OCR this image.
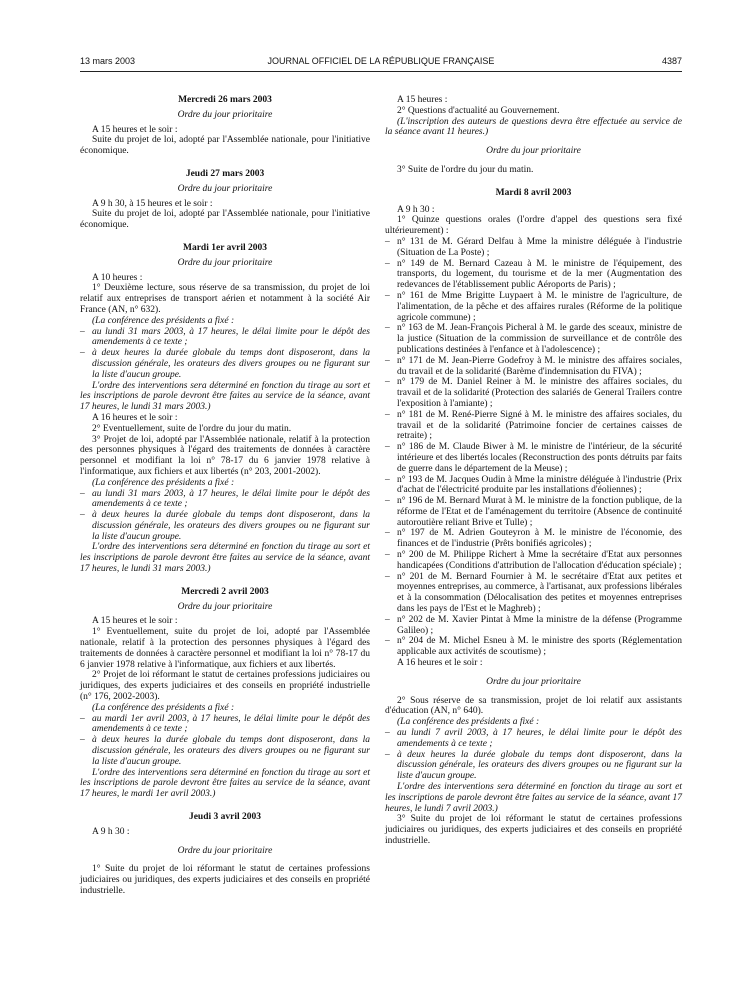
13 mars 2003	JOURNAL OFFICIEL DE LA RÉPUBLIQUE FRANÇAISE	4387

Mercredi 26 mars 2003

Ordre du jour prioritaire

A 15 heures et le soir :

Suite du projet de loi, adopté par l'Assemblée nationale, pour l'initiative économique.

Jeudi 27 mars 2003

Ordre du jour prioritaire

A 9 h 30, à 15 heures et le soir :

Suite du projet de loi, adopté par l'Assemblée nationale, pour l'initiative économique.

Mardi 1er avril 2003

Ordre du jour prioritaire

A 10 heures :

1° Deuxième lecture, sous réserve de sa transmission, du projet de loi relatif aux entreprises de transport aérien et notamment à la société Air France (AN, n° 632).

(La conférence des présidents a fixé :

– au lundi 31 mars 2003, à 17 heures, le délai limite pour le dépôt des amendements à ce texte ;
– à deux heures la durée globale du temps dont disposeront, dans la discussion générale, les orateurs des divers groupes ou ne figurant sur la liste d'aucun groupe.

L'ordre des interventions sera déterminé en fonction du tirage au sort et les inscriptions de parole devront être faites au service de la séance, avant 17 heures, le lundi 31 mars 2003.)

A 16 heures et le soir :

2° Eventuellement, suite de l'ordre du jour du matin.

3° Projet de loi, adopté par l'Assemblée nationale, relatif à la protection des personnes physiques à l'égard des traitements de données à caractère personnel et modifiant la loi n° 78-17 du 6 janvier 1978 relative à l'informatique, aux fichiers et aux libertés (n° 203, 2001-2002).

(La conférence des présidents a fixé :

– au lundi 31 mars 2003, à 17 heures, le délai limite pour le dépôt des amendements à ce texte ;
– à deux heures la durée globale du temps dont disposeront, dans la discussion générale, les orateurs des divers groupes ou ne figurant sur la liste d'aucun groupe.

L'ordre des interventions sera déterminé en fonction du tirage au sort et les inscriptions de parole devront être faites au service de la séance, avant 17 heures, le lundi 31 mars 2003.)

Mercredi 2 avril 2003

Ordre du jour prioritaire

A 15 heures et le soir :

1° Eventuellement, suite du projet de loi, adopté par l'Assemblée nationale, relatif à la protection des personnes physiques à l'égard des traitements de données à caractère personnel et modifiant la loi n° 78-17 du 6 janvier 1978 relative à l'informatique, aux fichiers et aux libertés.

2° Projet de loi réformant le statut de certaines professions judiciaires ou juridiques, des experts judiciaires et des conseils en propriété industrielle (n° 176, 2002-2003).

(La conférence des présidents a fixé :

– au mardi 1er avril 2003, à 17 heures, le délai limite pour le dépôt des amendements à ce texte ;
– à deux heures la durée globale du temps dont disposeront, dans la discussion générale, les orateurs des divers groupes ou ne figurant sur la liste d'aucun groupe.

L'ordre des interventions sera déterminé en fonction du tirage au sort et les inscriptions de parole devront être faites au service de la séance, avant 17 heures, le mardi 1er avril 2003.)

Jeudi 3 avril 2003

A 9 h 30 :

Ordre du jour prioritaire

1° Suite du projet de loi réformant le statut de certaines professions judiciaires ou juridiques, des experts judiciaires et des conseils en propriété industrielle.

A 15 heures :

2° Questions d'actualité au Gouvernement.

(L'inscription des auteurs de questions devra être effectuée au service de la séance avant 11 heures.)

Ordre du jour prioritaire

3° Suite de l'ordre du jour du matin.

Mardi 8 avril 2003

A 9 h 30 :

1° Quinze questions orales (l'ordre d'appel des questions sera fixé ultérieurement) :

– n° 131 de M. Gérard Delfau à Mme la ministre déléguée à l'industrie (Situation de La Poste) ;
– n° 149 de M. Bernard Cazeau à M. le ministre de l'équipement, des transports, du logement, du tourisme et de la mer (Augmentation des redevances de l'établissement public Aéroports de Paris) ;
– n° 161 de Mme Brigitte Luypaert à M. le ministre de l'agriculture, de l'alimentation, de la pêche et des affaires rurales (Réforme de la politique agricole commune) ;
– n° 163 de M. Jean-François Picheral à M. le garde des sceaux, ministre de la justice (Situation de la commission de surveillance et de contrôle des publications destinées à l'enfance et à l'adolescence) ;
– n° 171 de M. Jean-Pierre Godefroy à M. le ministre des affaires sociales, du travail et de la solidarité (Barème d'indemnisation du FIVA) ;
– n° 179 de M. Daniel Reiner à M. le ministre des affaires sociales, du travail et de la solidarité (Protection des salariés de General Trailers contre l'exposition à l'amiante) ;
– n° 181 de M. René-Pierre Signé à M. le ministre des affaires sociales, du travail et de la solidarité (Patrimoine foncier de certaines caisses de retraite) ;
– n° 186 de M. Claude Biwer à M. le ministre de l'intérieur, de la sécurité intérieure et des libertés locales (Reconstruction des ponts détruits par faits de guerre dans le département de la Meuse) ;
– n° 193 de M. Jacques Oudin à Mme la ministre déléguée à l'industrie (Prix d'achat de l'électricité produite par les installations d'éoliennes) ;
– n° 196 de M. Bernard Murat à M. le ministre de la fonction publique, de la réforme de l'Etat et de l'aménagement du territoire (Absence de continuité autoroutière reliant Brive et Tulle) ;
– n° 197 de M. Adrien Gouteyron à M. le ministre de l'économie, des finances et de l'industrie (Prêts bonifiés agricoles) ;
– n° 200 de M. Philippe Richert à Mme la secrétaire d'Etat aux personnes handicapées (Conditions d'attribution de l'allocation d'éducation spéciale) ;
– n° 201 de M. Bernard Fournier à M. le secrétaire d'Etat aux petites et moyennes entreprises, au commerce, à l'artisanat, aux professions libérales et à la consommation (Délocalisation des petites et moyennes entreprises dans les pays de l'Est et le Maghreb) ;
– n° 202 de M. Xavier Pintat à Mme la ministre de la défense (Programme Galileo) ;
– n° 204 de M. Michel Esneu à M. le ministre des sports (Réglementation applicable aux activités de scoutisme) ;

A 16 heures et le soir :

Ordre du jour prioritaire

2° Sous réserve de sa transmission, projet de loi relatif aux assistants d'éducation (AN, n° 640).

(La conférence des présidents a fixé :

– au lundi 7 avril 2003, à 17 heures, le délai limite pour le dépôt des amendements à ce texte ;
– à deux heures la durée globale du temps dont disposeront, dans la discussion générale, les orateurs des divers groupes ou ne figurant sur la liste d'aucun groupe.

L'ordre des interventions sera déterminé en fonction du tirage au sort et les inscriptions de parole devront être faites au service de la séance, avant 17 heures, le lundi 7 avril 2003.)

3° Suite du projet de loi réformant le statut de certaines professions judiciaires ou juridiques, des experts judiciaires et des conseils en propriété industrielle.
